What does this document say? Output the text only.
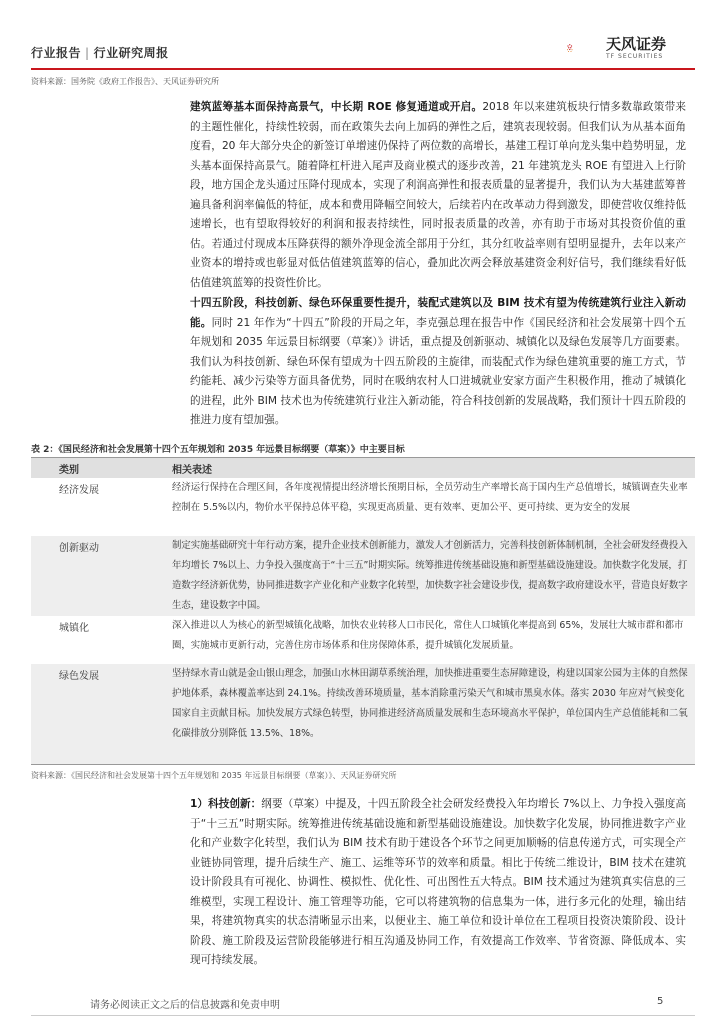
行业报告 | 行业研究周报	天风证券
TF SECURITIES
资料来源：国务院《政府工作报告》、天风证券研究所

建筑蓝筹基本面保持高景气，中长期 ROE 修复通道或开启。2018 年以来建筑板块行情多数靠政策带来的主题性催化，持续性较弱，而在政策失去向上加码的弹性之后，建筑表现较弱。但我们认为从基本面角度看，20 年大部分央企的新签订单增速仍保持了两位数的高增长，基建工程订单向龙头集中趋势明显，龙头基本面保持高景气。随着降杠杆进入尾声及商业模式的逐步改善，21 年建筑龙头 ROE 有望进入上行阶段，地方国企龙头通过压降付现成本，实现了利润高弹性和报表质量的显著提升，我们认为大基建蓝筹普遍具备利润率偏低的特征，成本和费用降幅空间较大，后续若内在改革动力得到激发，即使营收仅维持低速增长，也有望取得较好的利润和报表持续性，同时报表质量的改善，亦有助于市场对其投资价值的重估。若通过付现成本压降获得的额外净现金流全部用于分红，其分红收益率则有望明显提升，去年以来产业资本的增持或也彰显对低估值建筑蓝筹的信心，叠加此次两会释放基建资金利好信号，我们继续看好低估值建筑蓝筹的投资性价比。

十四五阶段，科技创新、绿色环保重要性提升，装配式建筑以及 BIM 技术有望为传统建筑行业注入新动能。同时 21 年作为“十四五”阶段的开局之年，李克强总理在报告中作《国民经济和社会发展第十四个五年规划和 2035 年远景目标纲要（草案）》讲话，重点提及创新驱动、城镇化以及绿色发展等几方面要素。我们认为科技创新、绿色环保有望成为十四五阶段的主旋律，而装配式作为绿色建筑重要的施工方式，节约能耗、减少污染等方面具备优势，同时在吸纳农村人口进城就业安家方面产生积极作用，推动了城镇化的进程，此外 BIM 技术也为传统建筑行业注入新动能，符合科技创新的发展战略，我们预计十四五阶段的推进力度有望加强。

表 2：《国民经济和社会发展第十四个五年规划和 2035 年远景目标纲要（草案）》中主要目标
类别	相关表述
经济发展	经济运行保持在合理区间，各年度视情提出经济增长预期目标，全员劳动生产率增长高于国内生产总值增长，城镇调查失业率控制在 5.5%以内，物价水平保持总体平稳，实现更高质量、更有效率、更加公平、更可持续、更为安全的发展

创新驱动	制定实施基础研究十年行动方案，提升企业技术创新能力，激发人才创新活力，完善科技创新体制机制，全社会研发经费投入年均增长 7%以上、力争投入强度高于“十三五”时期实际。统筹推进传统基础设施和新型基础设施建设。加快数字化发展，打造数字经济新优势，协同推进数字产业化和产业数字化转型，加快数字社会建设步伐，提高数字政府建设水平，营造良好数字生态，建设数字中国。

城镇化	深入推进以人为核心的新型城镇化战略，加快农业转移人口市民化，常住人口城镇化率提高到 65%，发展壮大城市群和都市圈，实施城市更新行动，完善住房市场体系和住房保障体系，提升城镇化发展质量。

绿色发展	坚持绿水青山就是金山银山理念，加强山水林田湖草系统治理，加快推进重要生态屏障建设，构建以国家公园为主体的自然保护地体系，森林覆盖率达到 24.1%。持续改善环境质量，基本消除重污染天气和城市黑臭水体。落实 2030 年应对气候变化国家自主贡献目标。加快发展方式绿色转型，协同推进经济高质量发展和生态环境高水平保护，单位国内生产总值能耗和二氧化碳排放分别降低 13.5%、18%。

资料来源：《国民经济和社会发展第十四个五年规划和 2035 年远景目标纲要（草案）》、天风证券研究所

1）科技创新：纲要（草案）中提及，十四五阶段全社会研发经费投入年均增长 7%以上、力争投入强度高于“十三五”时期实际。统筹推进传统基础设施和新型基础设施建设。加快数字化发展，协同推进数字产业化和产业数字化转型，我们认为 BIM 技术有助于建设各个环节之间更加顺畅的信息传递方式，可实现全产业链协同管理，提升后续生产、施工、运维等环节的效率和质量。相比于传统二维设计，BIM 技术在建筑设计阶段具有可视化、协调性、模拟性、优化性、可出图性五大特点。BIM 技术通过为建筑真实信息的三维模型，实现工程设计、施工管理等功能，它可以将建筑物的信息集为一体，进行多元化的处理，输出结果，将建筑物真实的状态清晰显示出来，以便业主、施工单位和设计单位在工程项目投资决策阶段、设计阶段、施工阶段及运营阶段能够进行相互沟通及协同工作，有效提高工作效率、节省资源、降低成本、实现可持续发展。

请务必阅读正文之后的信息披露和免责申明	5
